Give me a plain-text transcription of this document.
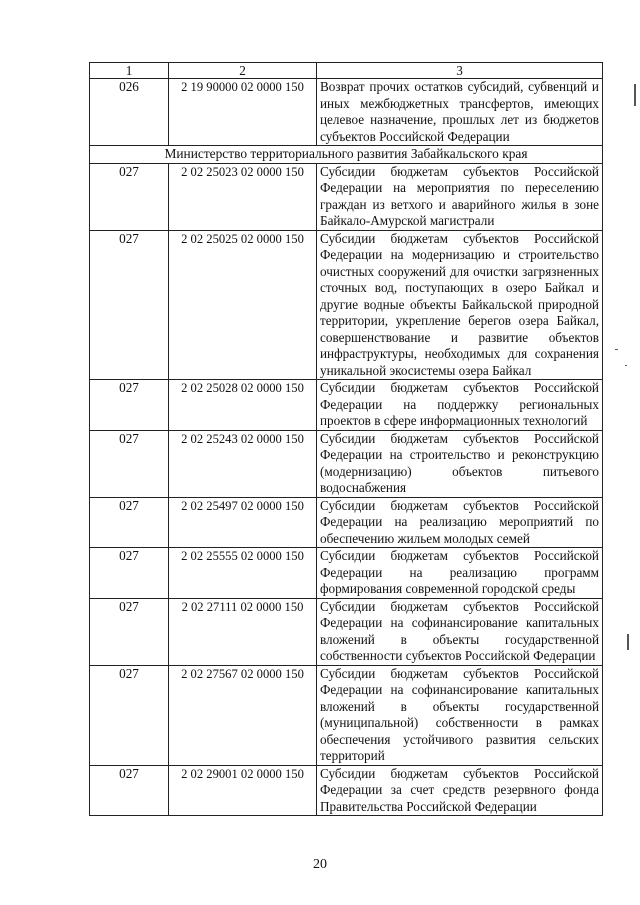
1	2	3
026	2 19 90000 02 0000 150	Возврат прочих остатков субсидий, субвенций и иных межбюджетных трансфертов, имеющих целевое назначение, прошлых лет из бюджетов субъектов Российской Федерации
Министерство территориального развития Забайкальского края		
027	2 02 25023 02 0000 150	Субсидии бюджетам субъектов Российской Федерации на мероприятия по переселению граждан из ветхого и аварийного жилья в зоне Байкало-Амурской магистрали
027	2 02 25025 02 0000 150	Субсидии бюджетам субъектов Российской Федерации на модернизацию и строительство очистных сооружений для очистки загрязненных сточных вод, поступающих в озеро Байкал и другие водные объекты Байкальской природной территории, укрепление берегов озера Байкал, совершенствование и развитие объектов инфраструктуры, необходимых для сохранения уникальной экосистемы озера Байкал
027	2 02 25028 02 0000 150	Субсидии бюджетам субъектов Российской Федерации на поддержку региональных проектов в сфере информационных технологий
027	2 02 25243 02 0000 150	Субсидии бюджетам субъектов Российской Федерации на строительство и реконструкцию (модернизацию) объектов питьевого водоснабжения
027	2 02 25497 02 0000 150	Субсидии бюджетам субъектов Российской Федерации на реализацию мероприятий по обеспечению жильем молодых семей
027	2 02 25555 02 0000 150	Субсидии бюджетам субъектов Российской Федерации на реализацию программ формирования современной городской среды
027	2 02 27111 02 0000 150	Субсидии бюджетам субъектов Российской Федерации на софинансирование капитальных вложений в объекты государственной собственности субъектов Российской Федерации
027	2 02 27567 02 0000 150	Субсидии бюджетам субъектов Российской Федерации на софинансирование капитальных вложений в объекты государственной (муниципальной) собственности в рамках обеспечения устойчивого развития сельских территорий
027	2 02 29001 02 0000 150	Субсидии бюджетам субъектов Российской Федерации за счет средств резервного фонда Правительства Российской Федерации
20
